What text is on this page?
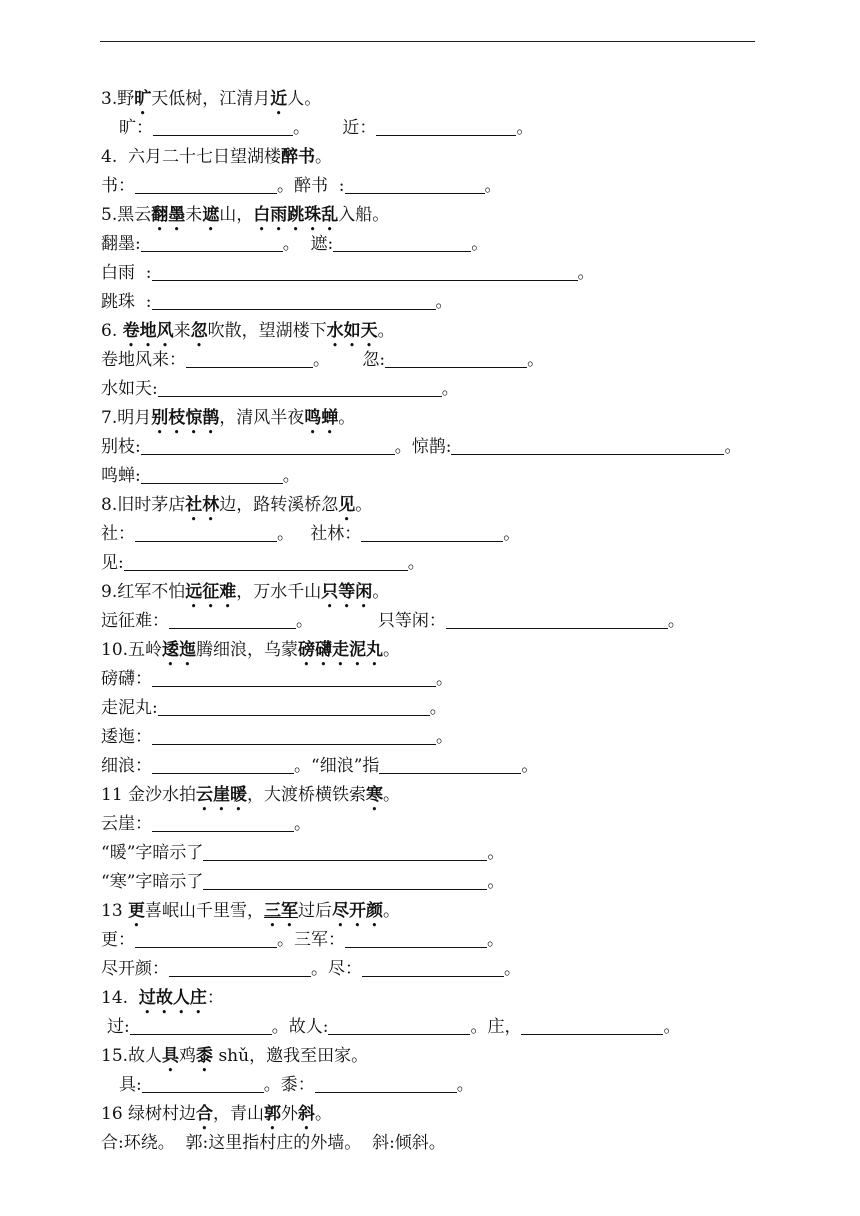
3.野旷天低树，江清月近人。
旷：	。      近：	。
4.  六月二十七日望湖楼醉书。
书：	。醉书  :	。
5.黑云翻墨未遮山，白雨跳珠乱入船。
翻墨:	。  遮:	。
白雨  :	。
跳珠  :	。
6. 卷地风来忽吹散，望湖楼下水如天。
卷地风来：	。      忽:	。
水如天:	。
7.明月别枝惊鹊，清风半夜鸣蝉。
别枝:	。惊鹊:	。
鸣蝉:	。
8.旧时茅店社林边，路转溪桥忽见。
社：	。   社林：	。
见:	。
9.红军不怕远征难，万水千山只等闲。
远征难：	。            只等闲：	。
10.五岭逶迤腾细浪，乌蒙磅礴走泥丸。
磅礴：	。
走泥丸:	。
逶迤：	。
细浪：	。“细浪”指	。
11 金沙水拍云崖暖，大渡桥横铁索寒。
云崖：	。
“暖”字暗示了	。
“寒”字暗示了	。
13 更喜岷山千里雪，三军过后尽开颜。
更：	。三军：	。
尽开颜：	。尽：	。
14.  过故人庄：
过:	。故人:	。庄，	。
15.故人具鸡黍 shǔ，邀我至田家。
具:	。黍：	。
16 绿树村边合，青山郭外斜。
合:环绕。  郭:这里指村庄的外墙。  斜:倾斜。
